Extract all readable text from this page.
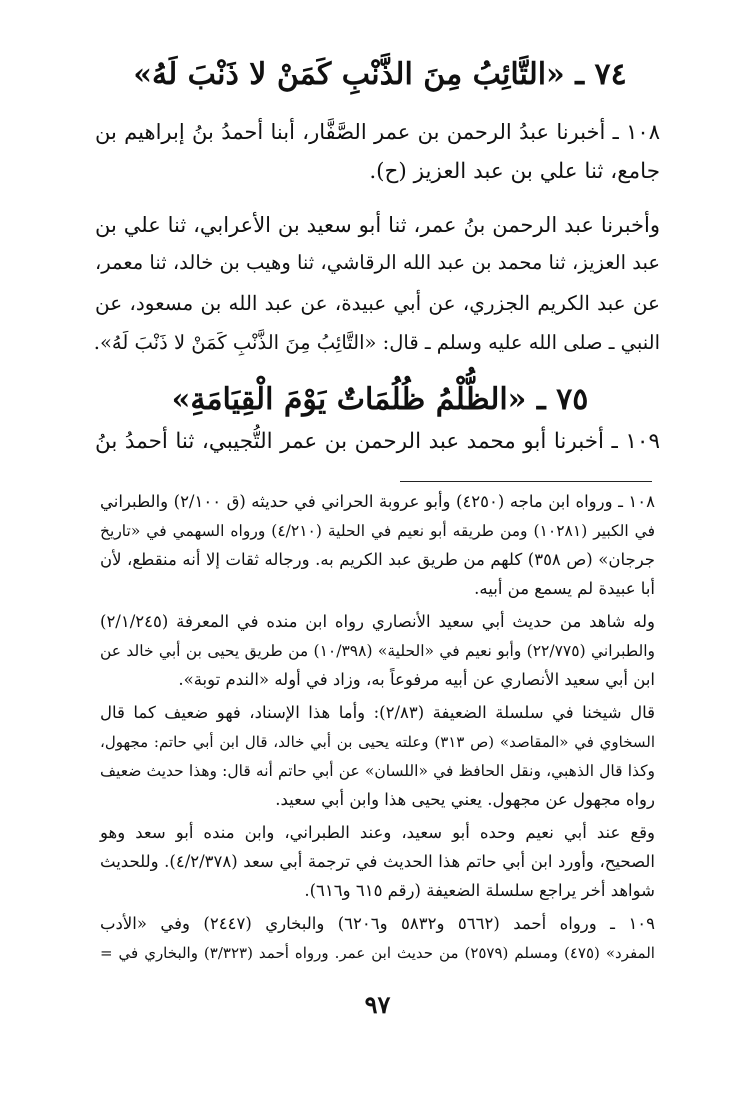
٧٤ ـ «التَّائِبُ مِنَ الذَّنْبِ كَمَنْ لا ذَنْبَ لَهُ»
١٠٨ ـ أخبرنا عبدُ الرحمن بن عمر الصَّفَّار، أبنا أحمدُ بنُ إبراهيم بن
جامع، ثنا علي بن عبد العزيز (ح).
وأخبرنا عبد الرحمن بنُ عمر، ثنا أبو سعيد بن الأعرابي، ثنا علي بن
عبد العزيز، ثنا محمد بن عبد الله الرقاشي، ثنا وهيب بن خالد، ثنا معمر،
عن عبد الكريم الجزري، عن أبي عبيدة، عن عبد الله بن مسعود، عن
النبي ـ صلى الله عليه وسلم ـ قال: «التَّائِبُ مِنَ الذَّنْبِ كَمَنْ لا ذَنْبَ لَهُ».
٧٥ ـ «الظُّلْمُ ظُلُمَاتٌ يَوْمَ الْقِيَامَةِ»
١٠٩ ـ أخبرنا أبو محمد عبد الرحمن بن عمر التُّجيبي، ثنا أحمدُ بنُ
١٠٨ ـ ورواه ابن ماجه (٤٢٥٠) وأبو عروبة الحراني في حديثه (ق ٢/١٠٠) والطبراني
في الكبير (١٠٢٨١) ومن طريقه أبو نعيم في الحلية (٤/٢١٠) ورواه السهمي في «تاريخ
جرجان» (ص ٣٥٨) كلهم من طريق عبد الكريم به. ورجاله ثقات إلا أنه منقطع، لأن
أبا عبيدة لم يسمع من أبيه.
وله شاهد من حديث أبي سعيد الأنصاري رواه ابن منده في المعرفة (٢/١/٢٤٥)
والطبراني (٢٢/٧٧٥) وأبو نعيم في «الحلية» (١٠/٣٩٨) من طريق يحيى بن أبي خالد عن
ابن أبي سعيد الأنصاري عن أبيه مرفوعاً به، وزاد في أوله «الندم توبة».
قال شيخنا في سلسلة الضعيفة (٢/٨٣): وأما هذا الإسناد، فهو ضعيف كما قال
السخاوي في «المقاصد» (ص ٣١٣) وعلته يحيى بن أبي خالد، قال ابن أبي حاتم: مجهول،
وكذا قال الذهبي، ونقل الحافظ في «اللسان» عن أبي حاتم أنه قال: وهذا حديث ضعيف
رواه مجهول عن مجهول. يعني يحيى هذا وابن أبي سعيد.
وقع عند أبي نعيم وحده أبو سعيد، وعند الطبراني، وابن منده أبو سعد وهو
الصحيح، وأورد ابن أبي حاتم هذا الحديث في ترجمة أبي سعد (٤/٢/٣٧٨). وللحديث
شواهد أخر يراجع سلسلة الضعيفة (رقم ٦١٥ و٦١٦).
١٠٩ ـ ورواه أحمد (٥٦٦٢ و٥٨٣٢ و٦٢٠٦) والبخاري (٢٤٤٧) وفي «الأدب
المفرد» (٤٧٥) ومسلم (٢٥٧٩) من حديث ابن عمر. ورواه أحمد (٣/٣٢٣) والبخاري في =
٩٧
